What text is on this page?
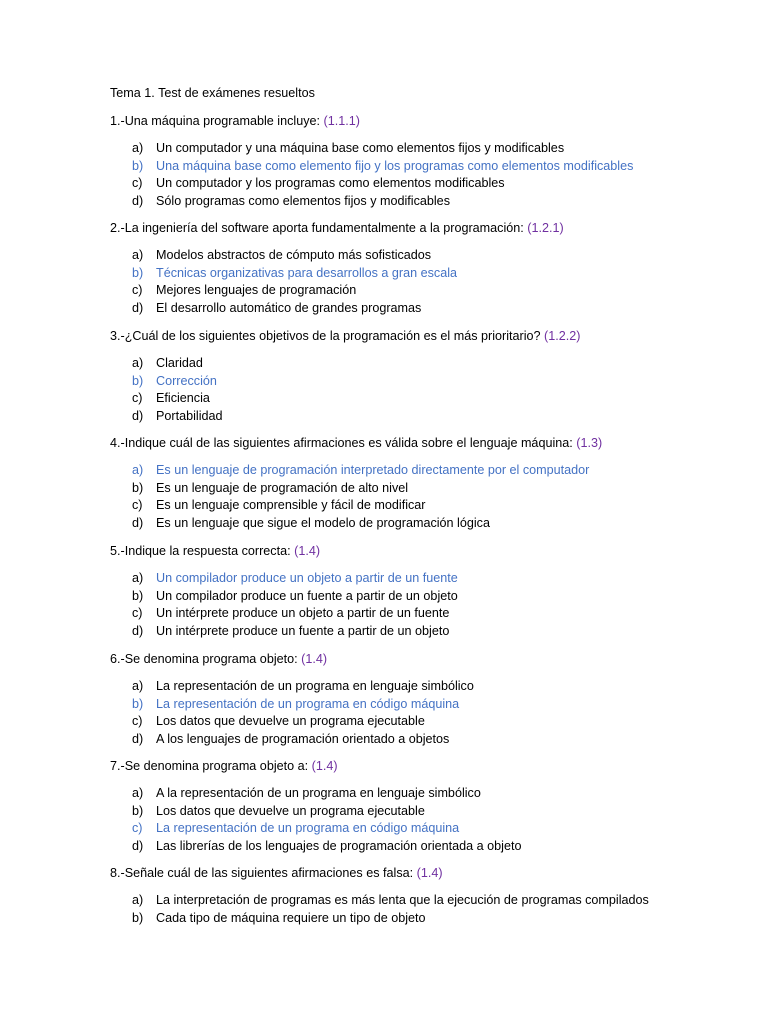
Tema 1. Test de exámenes resueltos
1.-Una máquina programable incluye: (1.1.1)
a) Un computador y una máquina base como elementos fijos y modificables
b) Una máquina base como elemento fijo y los programas como elementos modificables
c) Un computador y los programas como elementos modificables
d) Sólo programas como elementos fijos y modificables
2.-La ingeniería del software aporta fundamentalmente a la programación: (1.2.1)
a) Modelos abstractos de cómputo más sofisticados
b) Técnicas organizativas para desarrollos a gran escala
c) Mejores lenguajes de programación
d) El desarrollo automático de grandes programas
3.-¿Cuál de los siguientes objetivos de la programación es el más prioritario? (1.2.2)
a) Claridad
b) Corrección
c) Eficiencia
d) Portabilidad
4.-Indique cuál de las siguientes afirmaciones es válida sobre el lenguaje máquina: (1.3)
a) Es un lenguaje de programación interpretado directamente por el computador
b) Es un lenguaje de programación de alto nivel
c) Es un lenguaje comprensible y fácil de modificar
d) Es un lenguaje que sigue el modelo de programación lógica
5.-Indique la respuesta correcta: (1.4)
a) Un compilador produce un objeto a partir de un fuente
b) Un compilador produce un fuente a partir de un objeto
c) Un intérprete produce un objeto a partir de un fuente
d) Un intérprete produce un fuente a partir de un objeto
6.-Se denomina programa objeto: (1.4)
a) La representación de un programa en lenguaje simbólico
b) La representación de un programa en código máquina
c) Los datos que devuelve un programa ejecutable
d) A los lenguajes de programación orientado a objetos
7.-Se denomina programa objeto a: (1.4)
a) A la representación de un programa en lenguaje simbólico
b) Los datos que devuelve un programa ejecutable
c) La representación de un programa en código máquina
d) Las librerías de los lenguajes de programación orientada a objeto
8.-Señale cuál de las siguientes afirmaciones es falsa: (1.4)
a) La interpretación de programas es más lenta que la ejecución de programas compilados
b) Cada tipo de máquina requiere un tipo de objeto
